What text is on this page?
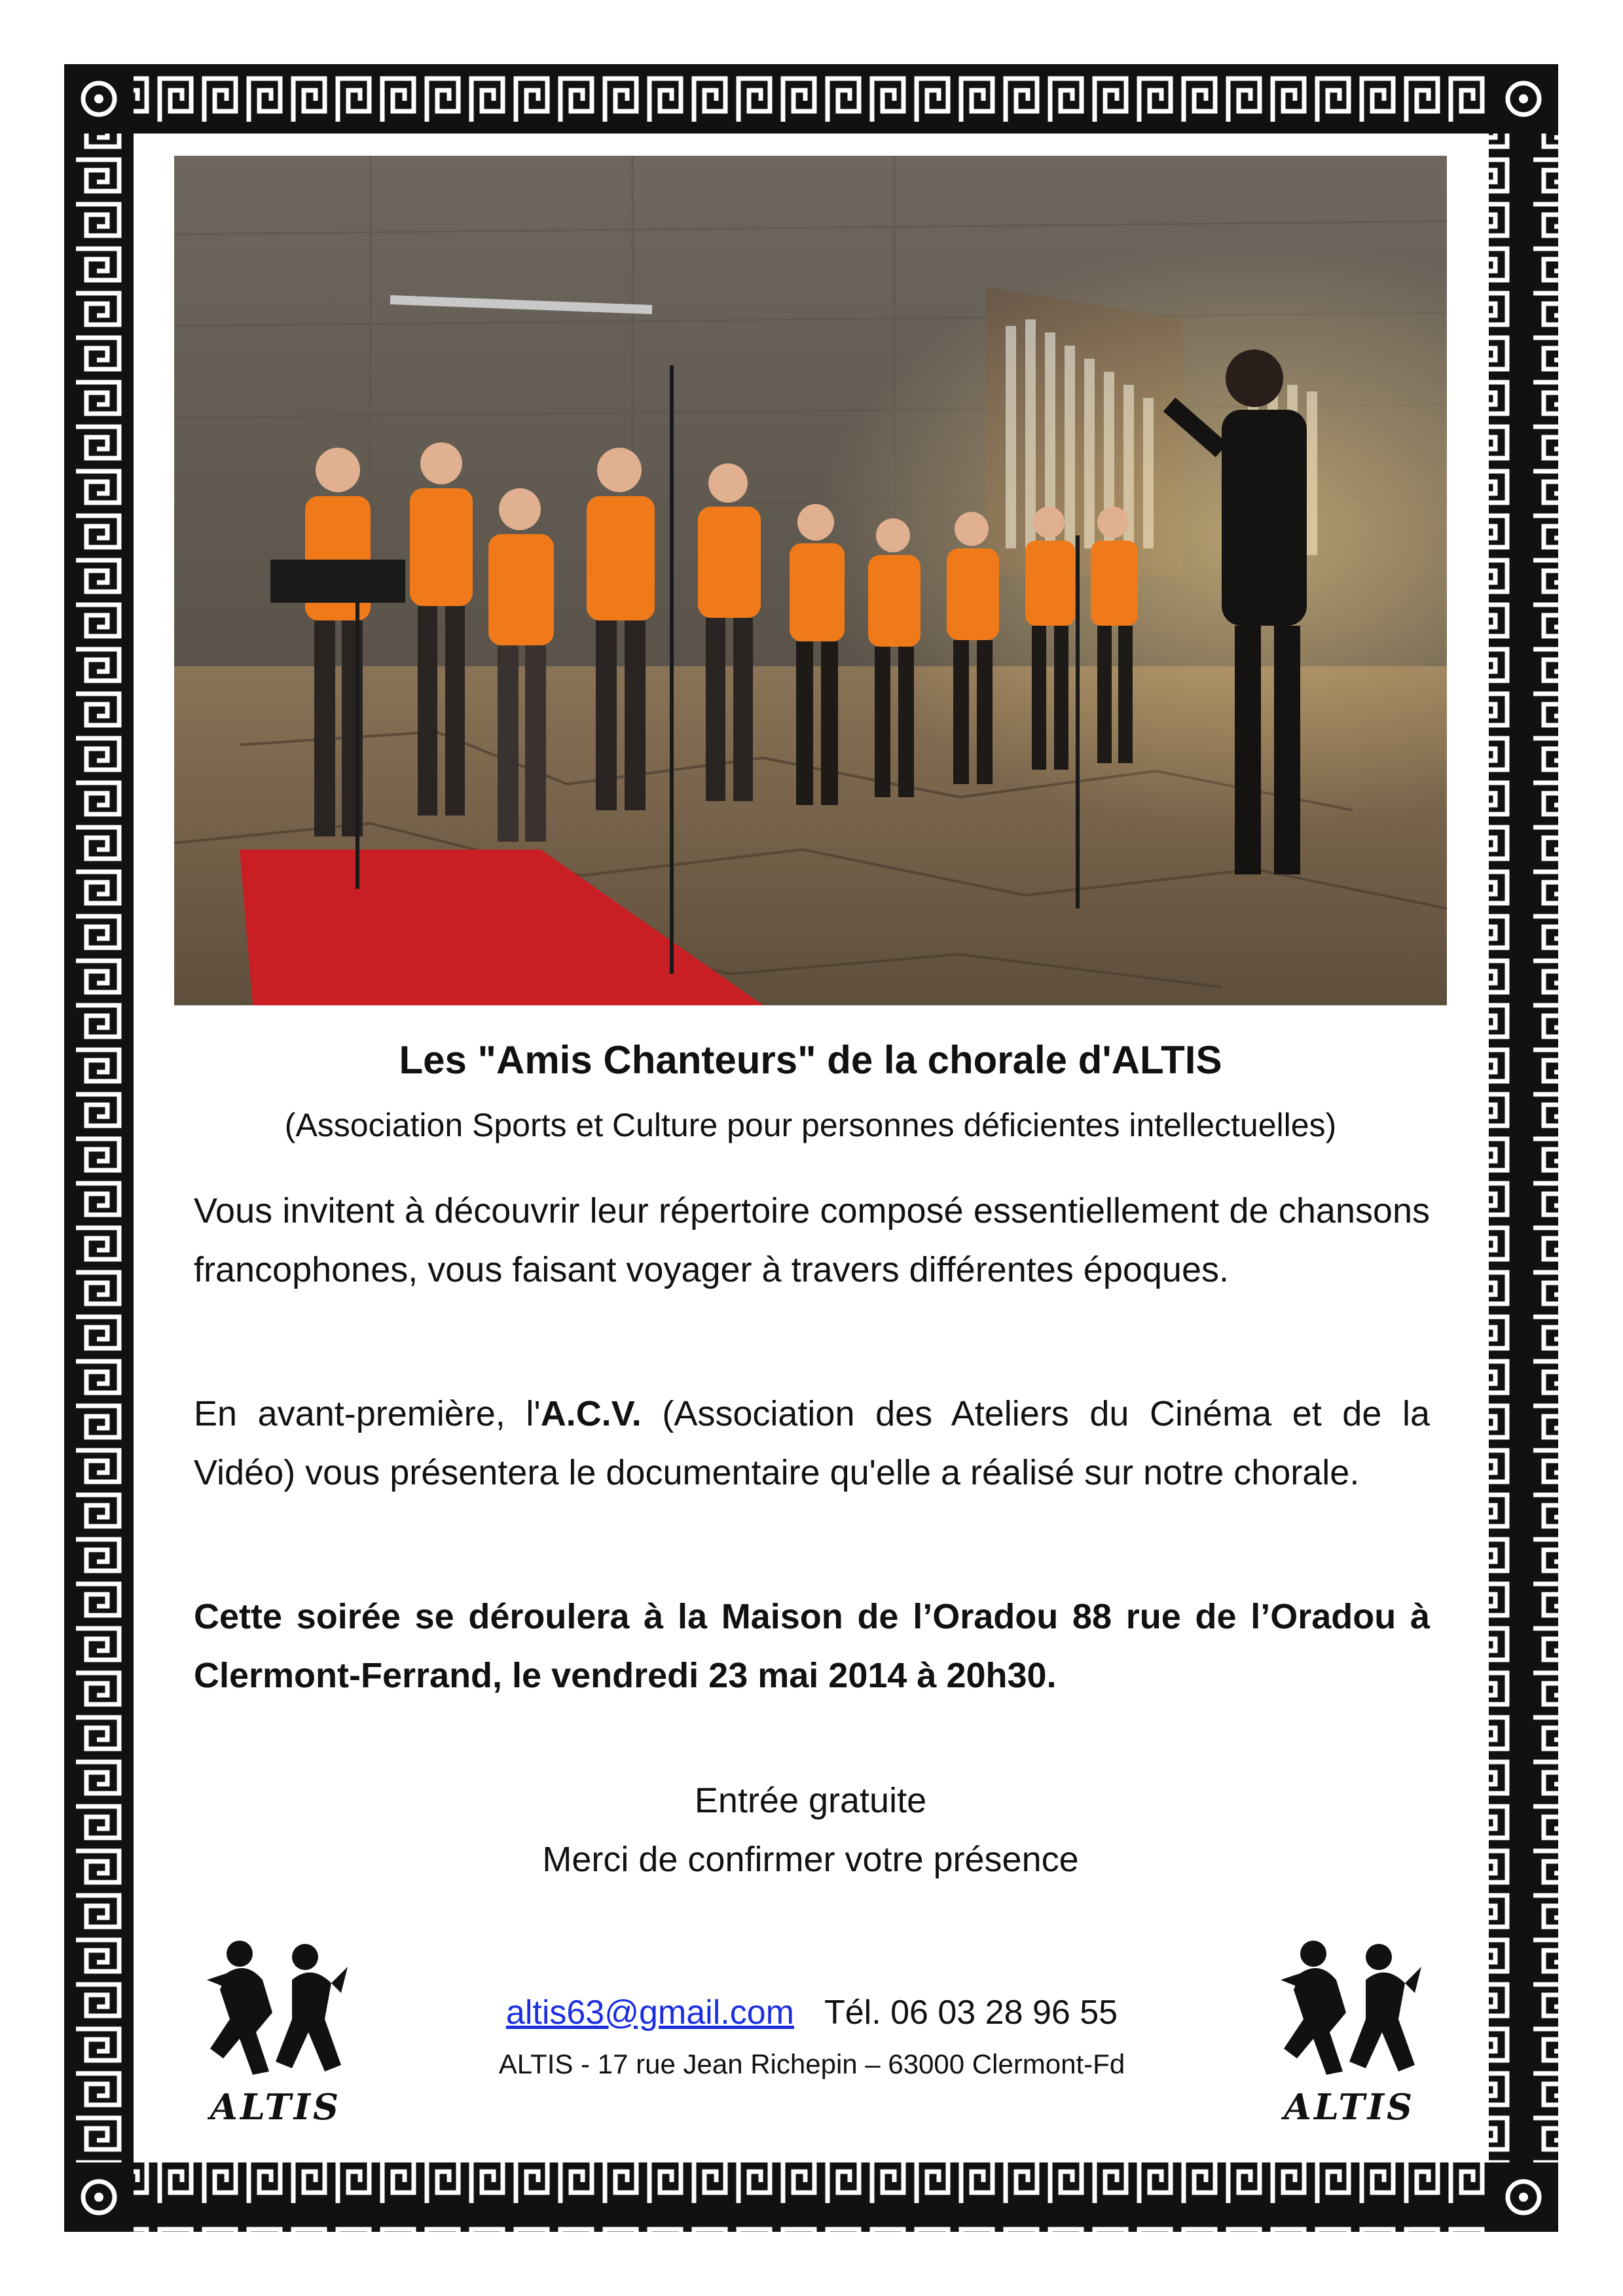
Les "Amis Chanteurs" de la chorale d'ALTIS
(Association Sports et Culture pour personnes déficientes intellectuelles)
Vous invitent à découvrir leur répertoire composé essentiellement de chansons francophones, vous faisant voyager à travers différentes époques.
En avant-première, l'A.C.V. (Association des Ateliers du Cinéma et de la Vidéo) vous présentera le documentaire qu'elle a réalisé sur notre chorale.
Cette soirée se déroulera à la Maison de l’Oradou 88 rue de l’Oradou à Clermont-Ferrand, le vendredi 23 mai 2014 à 20h30.
Entrée gratuite
Merci de confirmer votre présence
altis63@gmail.com Tél. 06 03 28 96 55
ALTIS - 17 rue Jean Richepin – 63000 Clermont-Fd
ALTIS	ALTIS
